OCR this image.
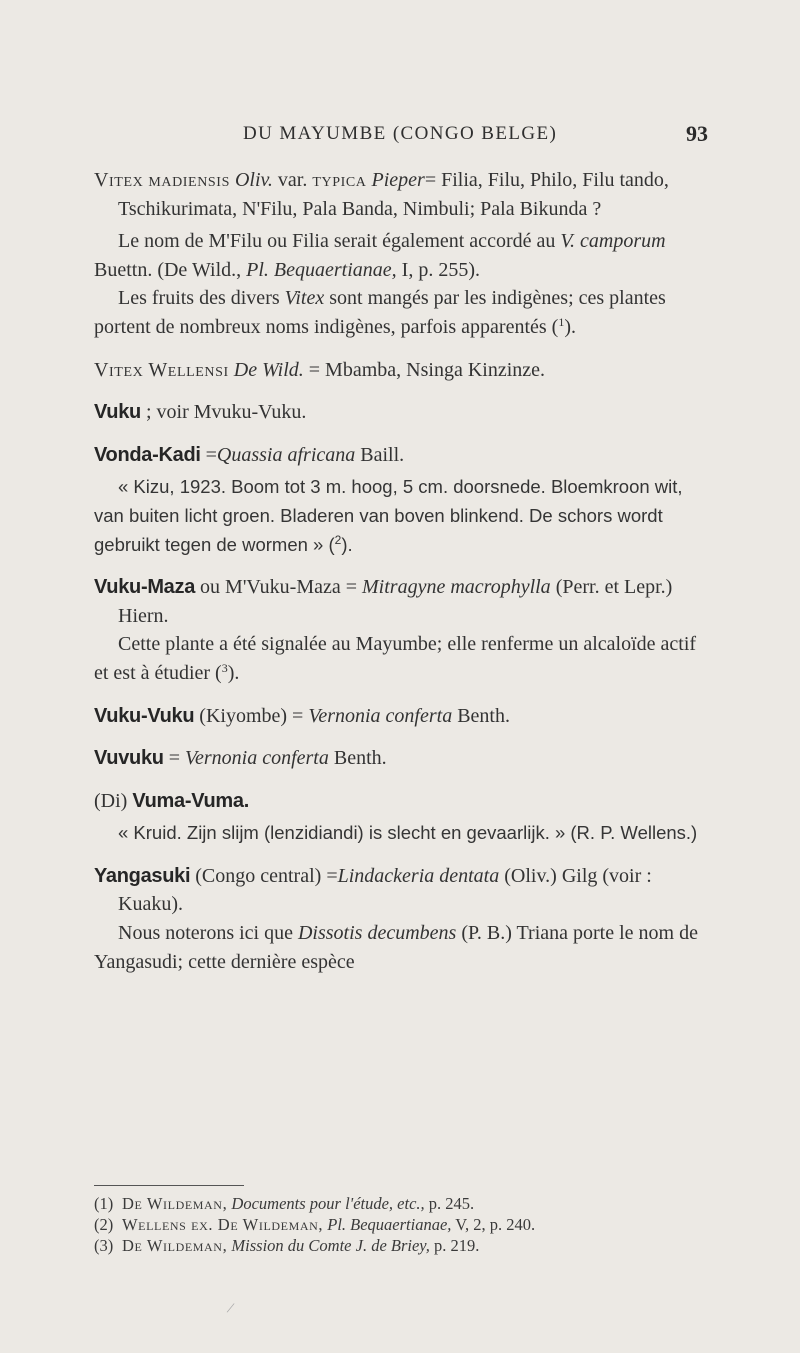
DU MAYUMBE (CONGO BELGE)	93

Vitex madiensis Oliv. var. typica Pieper= Filia, Filu, Philo, Filu tando, Tschikurimata, N'Filu, Pala Banda, Nimbuli; Pala Bikunda ?

Le nom de M'Filu ou Filia serait également accordé au V. camporum Buettn. (De Wild., Pl. Bequaertianae, I, p. 255).

Les fruits des divers Vitex sont mangés par les indigènes; ces plantes portent de nombreux noms indigènes, parfois apparentés ($^1$).

Vitex Wellensi De Wild. = Mbamba, Nsinga Kinzinze.

Vuku ; voir Mvuku-Vuku.

Vonda-Kadi =Quassia africana Baill.

« Kizu, 1923. Boom tot 3 m. hoog, 5 cm. doorsnede. Bloemkroon wit, van buiten licht groen. Bladeren van boven blinkend. De schors wordt gebruikt tegen de wormen » ($^2$).

Vuku-Maza ou M'Vuku-Maza = Mitragyne macrophylla (Perr. et Lepr.) Hiern.

Cette plante a été signalée au Mayumbe; elle renferme un alcaloïde actif et est à étudier ($^3$).

Vuku-Vuku (Kiyombe) = Vernonia conferta Benth.

Vuvuku = Vernonia conferta Benth.

(Di) Vuma-Vuma.

« Kruid. Zijn slijm (lenzidiandi) is slecht en gevaarlijk. » (R. P. Wellens.)

Yangasuki (Congo central) =Lindackeria dentata (Oliv.) Gilg (voir : Kuaku).

Nous noterons ici que Dissotis decumbens (P. B.) Triana porte le nom de Yangasudi; cette dernière espèce

(1) De Wildeman, Documents pour l'étude, etc., p. 245.

(2) Wellens ex. De Wildeman, Pl. Bequaertianae, V, 2, p. 240.

(3) De Wildeman, Mission du Comte J. de Briey, p. 219.

/
